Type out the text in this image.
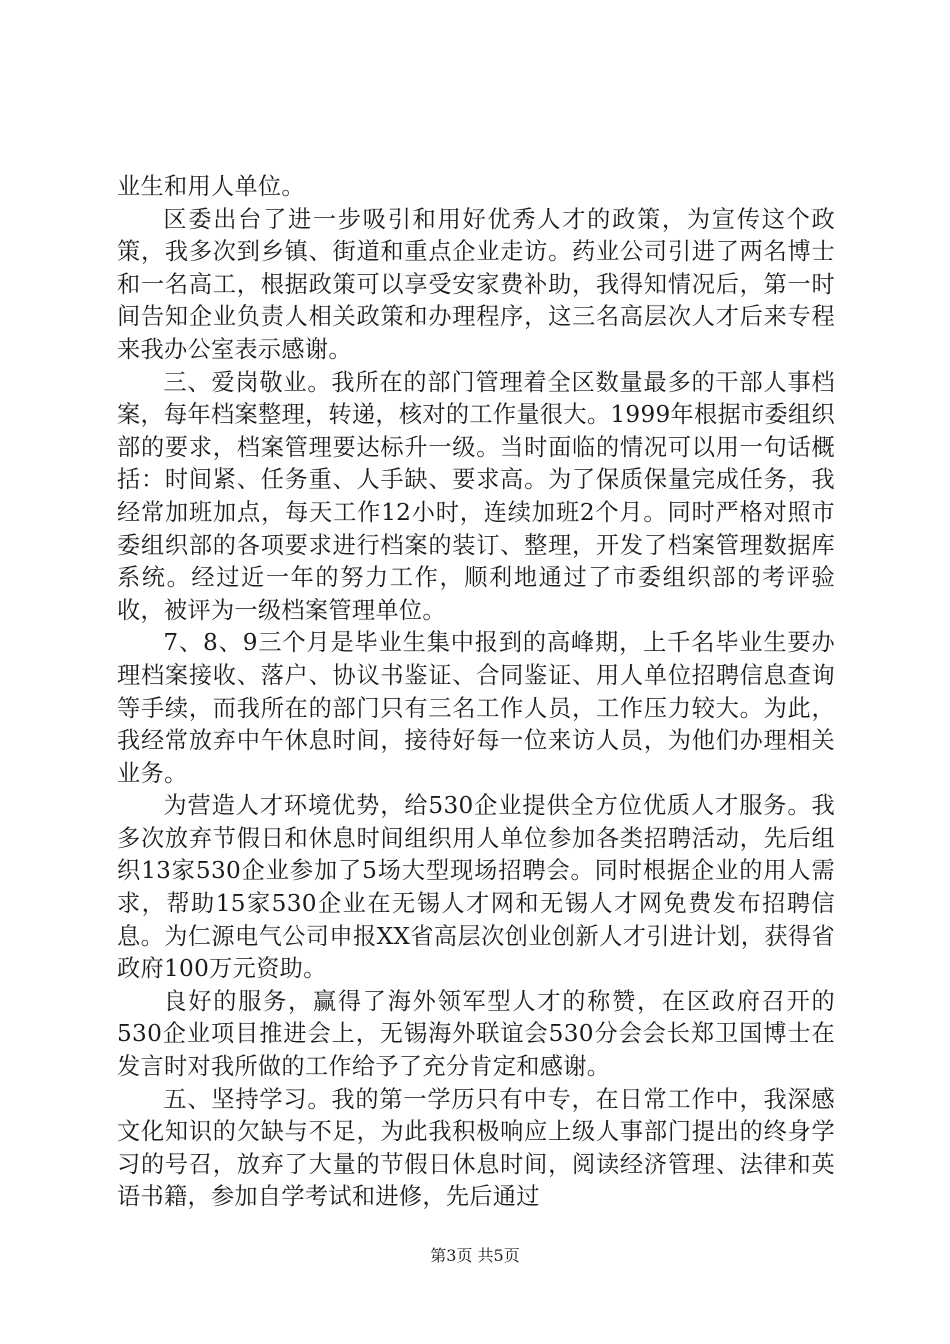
业生和用人单位。

区委出台了进一步吸引和用好优秀人才的政策，为宣传这个政策，我多次到乡镇、街道和重点企业走访。药业公司引进了两名博士和一名高工，根据政策可以享受安家费补助，我得知情况后，第一时间告知企业负责人相关政策和办理程序，这三名高层次人才后来专程来我办公室表示感谢。

三、爱岗敬业。我所在的部门管理着全区数量最多的干部人事档案，每年档案整理，转递，核对的工作量很大。1999年根据市委组织部的要求，档案管理要达标升一级。当时面临的情况可以用一句话概括：时间紧、任务重、人手缺、要求高。为了保质保量完成任务，我经常加班加点，每天工作12小时，连续加班2个月。同时严格对照市委组织部的各项要求进行档案的装订、整理，开发了档案管理数据库系统。经过近一年的努力工作，顺利地通过了市委组织部的考评验收，被评为一级档案管理单位。

7、8、9三个月是毕业生集中报到的高峰期，上千名毕业生要办理档案接收、落户、协议书鉴证、合同鉴证、用人单位招聘信息查询等手续，而我所在的部门只有三名工作人员，工作压力较大。为此，我经常放弃中午休息时间，接待好每一位来访人员，为他们办理相关业务。

为营造人才环境优势，给530企业提供全方位优质人才服务。我多次放弃节假日和休息时间组织用人单位参加各类招聘活动，先后组织13家530企业参加了5场大型现场招聘会。同时根据企业的用人需求，帮助15家530企业在无锡人才网和无锡人才网免费发布招聘信息。为仁源电气公司申报XX省高层次创业创新人才引进计划，获得省政府100万元资助。

良好的服务，赢得了海外领军型人才的称赞，在区政府召开的530企业项目推进会上，无锡海外联谊会530分会会长郑卫国博士在发言时对我所做的工作给予了充分肯定和感谢。

五、坚持学习。我的第一学历只有中专，在日常工作中，我深感文化知识的欠缺与不足，为此我积极响应上级人事部门提出的终身学习的号召，放弃了大量的节假日休息时间，阅读经济管理、法律和英语书籍，参加自学考试和进修，先后通过

第3页 共5页
